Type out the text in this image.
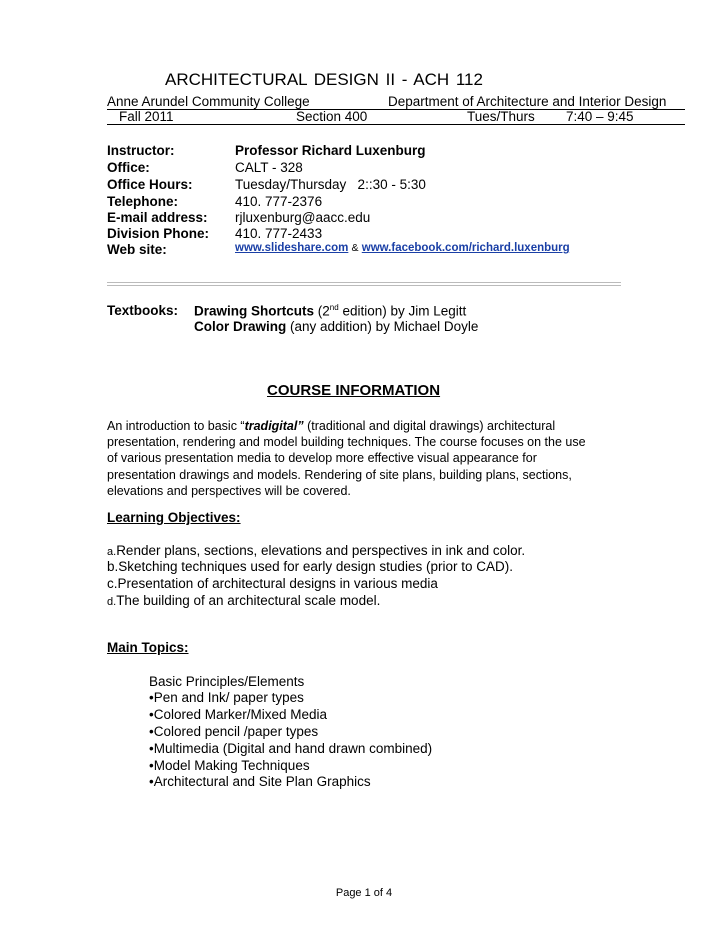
ARCHITECTURAL DESIGN II - ACH 112
Anne Arundel Community College	Department of Architecture and Interior Design
Fall 2011	Section 400	Tues/Thurs 7:40 – 9:45
Instructor:	Professor Richard Luxenburg
Office:	CALT - 328
Office Hours:	Tuesday/Thursday   2::30 - 5:30
Telephone:	410. 777-2376
E-mail address: rjluxenburg@aacc.edu
Division Phone: 410. 777-2433
Web site:	www.slideshare.com & www.facebook.com/richard.luxenburg
Textbooks: Drawing Shortcuts (2nd edition) by Jim Legitt
Color Drawing (any addition) by Michael Doyle
COURSE INFORMATION
An introduction to basic “tradigital” (traditional and digital drawings) architectural
presentation, rendering and model building techniques. The course focuses on the use
of various presentation media to develop more effective visual appearance for
presentation drawings and models. Rendering of site plans, building plans, sections,
elevations and perspectives will be covered.
Learning Objectives:
a.Render plans, sections, elevations and perspectives in ink and color.
b.Sketching techniques used for early design studies (prior to CAD).
c.Presentation of architectural designs in various media
d.The building of an architectural scale model.
Main Topics:
Basic Principles/Elements
•Pen and Ink/ paper types
•Colored Marker/Mixed Media
•Colored pencil /paper types
•Multimedia (Digital and hand drawn combined)
•Model Making Techniques
•Architectural and Site Plan Graphics
Page 1 of 4
